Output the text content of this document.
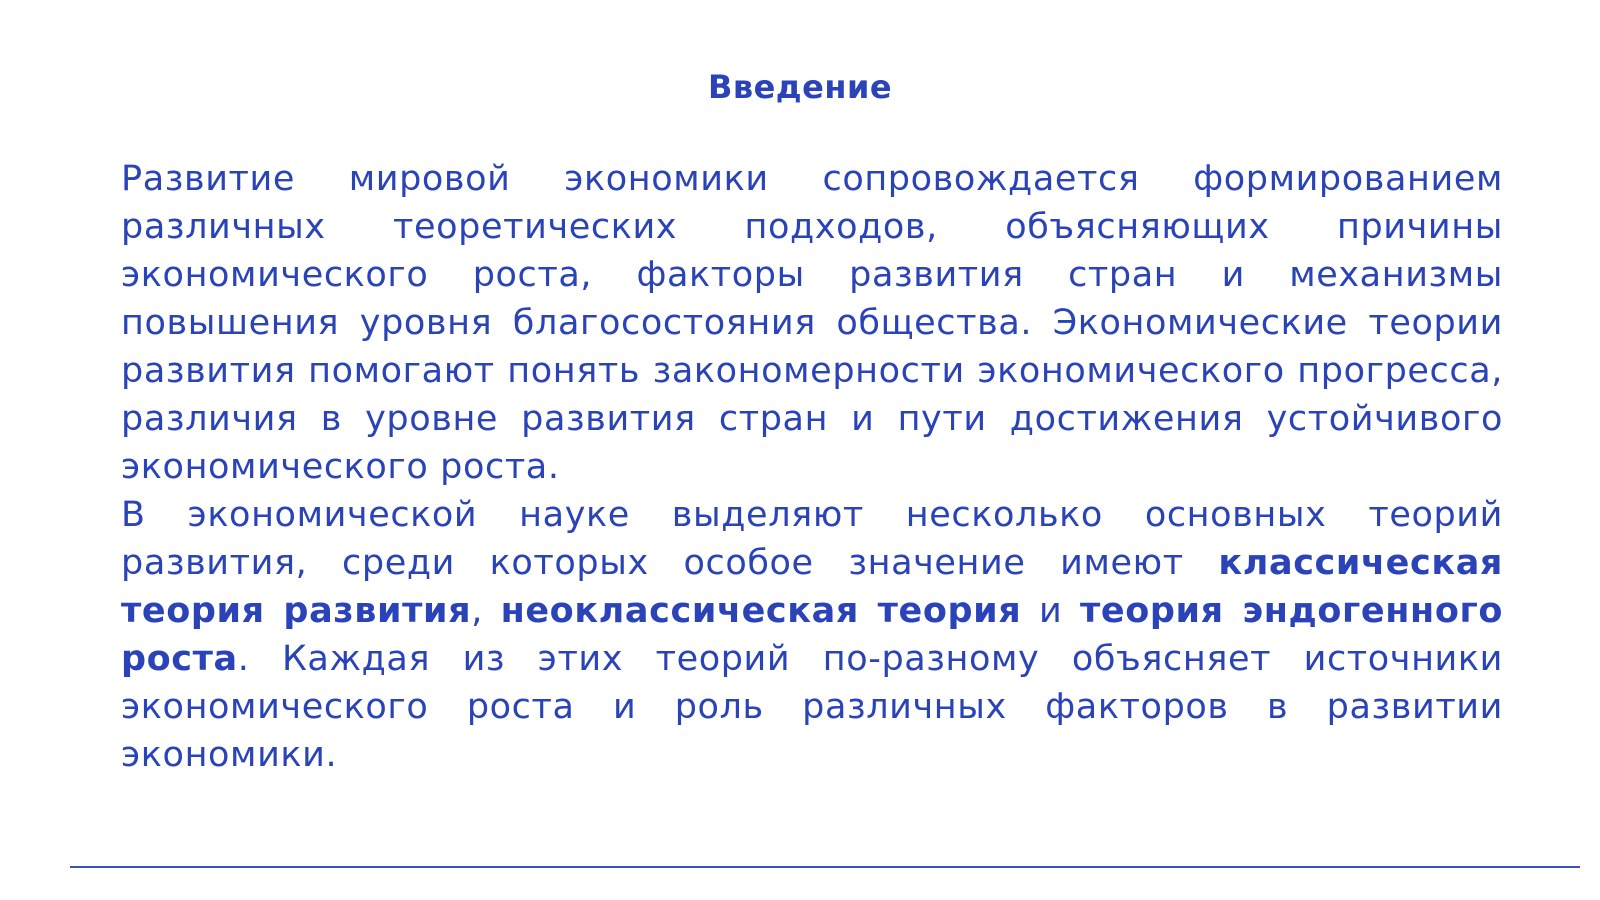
Введение

Развитие мировой экономики сопровождается формированием различных теоретических подходов, объясняющих причины экономического роста, факторы развития стран и механизмы повышения уровня благосостояния общества. Экономические теории развития помогают понять закономерности экономического прогресса, различия в уровне развития стран и пути достижения устойчивого экономического роста.

В экономической науке выделяют несколько основных теорий развития, среди которых особое значение имеют классическая теория развития, неоклассическая теория и теория эндогенного роста. Каждая из этих теорий по-разному объясняет источники экономического роста и роль различных факторов в развитии экономики.
